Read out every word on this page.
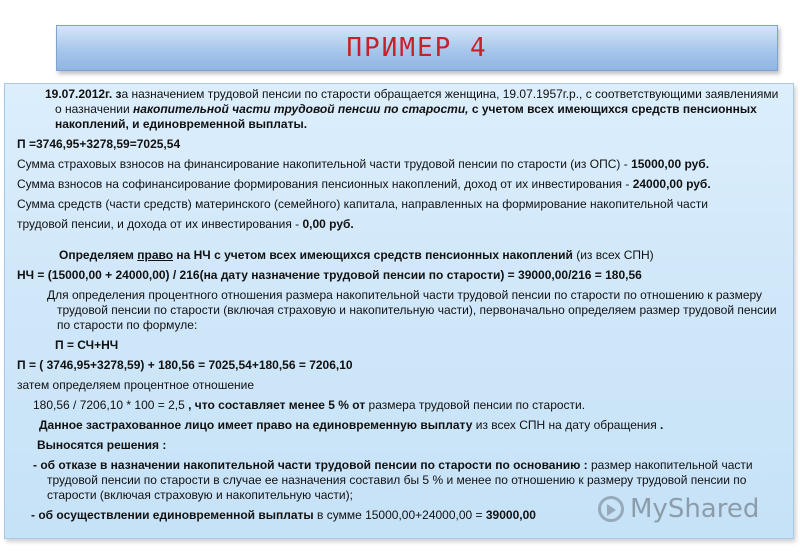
ПРИМЕР 4

19.07.2012г. за назначением трудовой пенсии по старости обращается женщина, 19.07.1957г.р., с соответствующими заявлениями о назначении накопительной части трудовой пенсии по старости, с учетом всех имеющихся средств пенсионных накоплений, и единовременной выплаты.

П =3746,95+3278,59=7025,54

Сумма страховых взносов на финансирование накопительной части трудовой пенсии по старости (из ОПС) - 15000,00 руб.

Сумма взносов на софинансирование формирования пенсионных накоплений, доход от их инвестирования - 24000,00 руб.

Сумма средств (части средств) материнского (семейного) капитала, направленных на формирование накопительной части

трудовой пенсии, и дохода от их инвестирования - 0,00 руб.

Определяем право на НЧ с учетом всех имеющихся средств пенсионных накоплений (из всех СПН)

НЧ = (15000,00 + 24000,00) / 216(на дату назначение трудовой пенсии по старости) = 39000,00/216 = 180,56

Для определения процентного отношения размера накопительной части трудовой пенсии по старости по отношению к размеру трудовой пенсии по старости (включая страховую и накопительную части), первоначально определяем размер трудовой пенсии по старости по формуле:

П = СЧ+НЧ

П = ( 3746,95+3278,59) + 180,56 = 7025,54+180,56 = 7206,10

затем определяем процентное отношение

180,56 / 7206,10 * 100 = 2,5 , что составляет менее 5 % от размера трудовой пенсии по старости.

Данное застрахованное лицо имеет право на единовременную выплату из всех СПН на дату обращения .

Выносятся решения :

- об отказе в назначении накопительной части трудовой пенсии по старости по основанию : размер накопительной части трудовой пенсии по старости в случае ее назначения составил бы 5 % и менее по отношению к размеру трудовой пенсии по старости (включая страховую и накопительную части);

- об осуществлении единовременной выплаты в сумме 15000,00+24000,00 = 39000,00	MyShared
